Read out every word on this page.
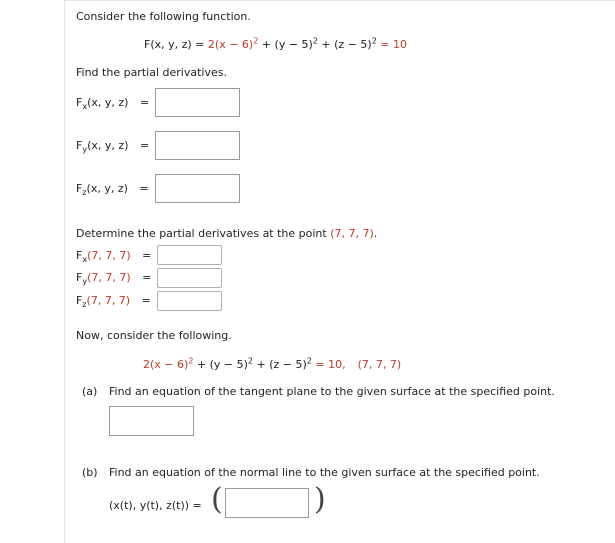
Consider the following function.
F(x, y, $z) = 2(x - 6)^2 + (y - 5)^2 + (z - 5)^2 = 10$
Find the partial derivatives.
$F_x(x$, y, z) =
$F_y(x$, y, z) =
$F_z(x$, y, z) =
Determine the partial derivatives at the point (7, 7, 7).
$F_x(7$, 7, 7) =
$F_y(7$, 7, 7) =
$F_z(7$, 7, 7) =
Now, consider the following.
$2(x - 6)^2 + (y - 5)^2 + (z - 5)^2 = 10$, (7, 7, 7)
(a) Find an equation of the tangent plane to the given surface at the specified point.
(b) Find an equation of the normal line to the given surface at the specified point.
(x(t), y(t), z(t)) = (	)
